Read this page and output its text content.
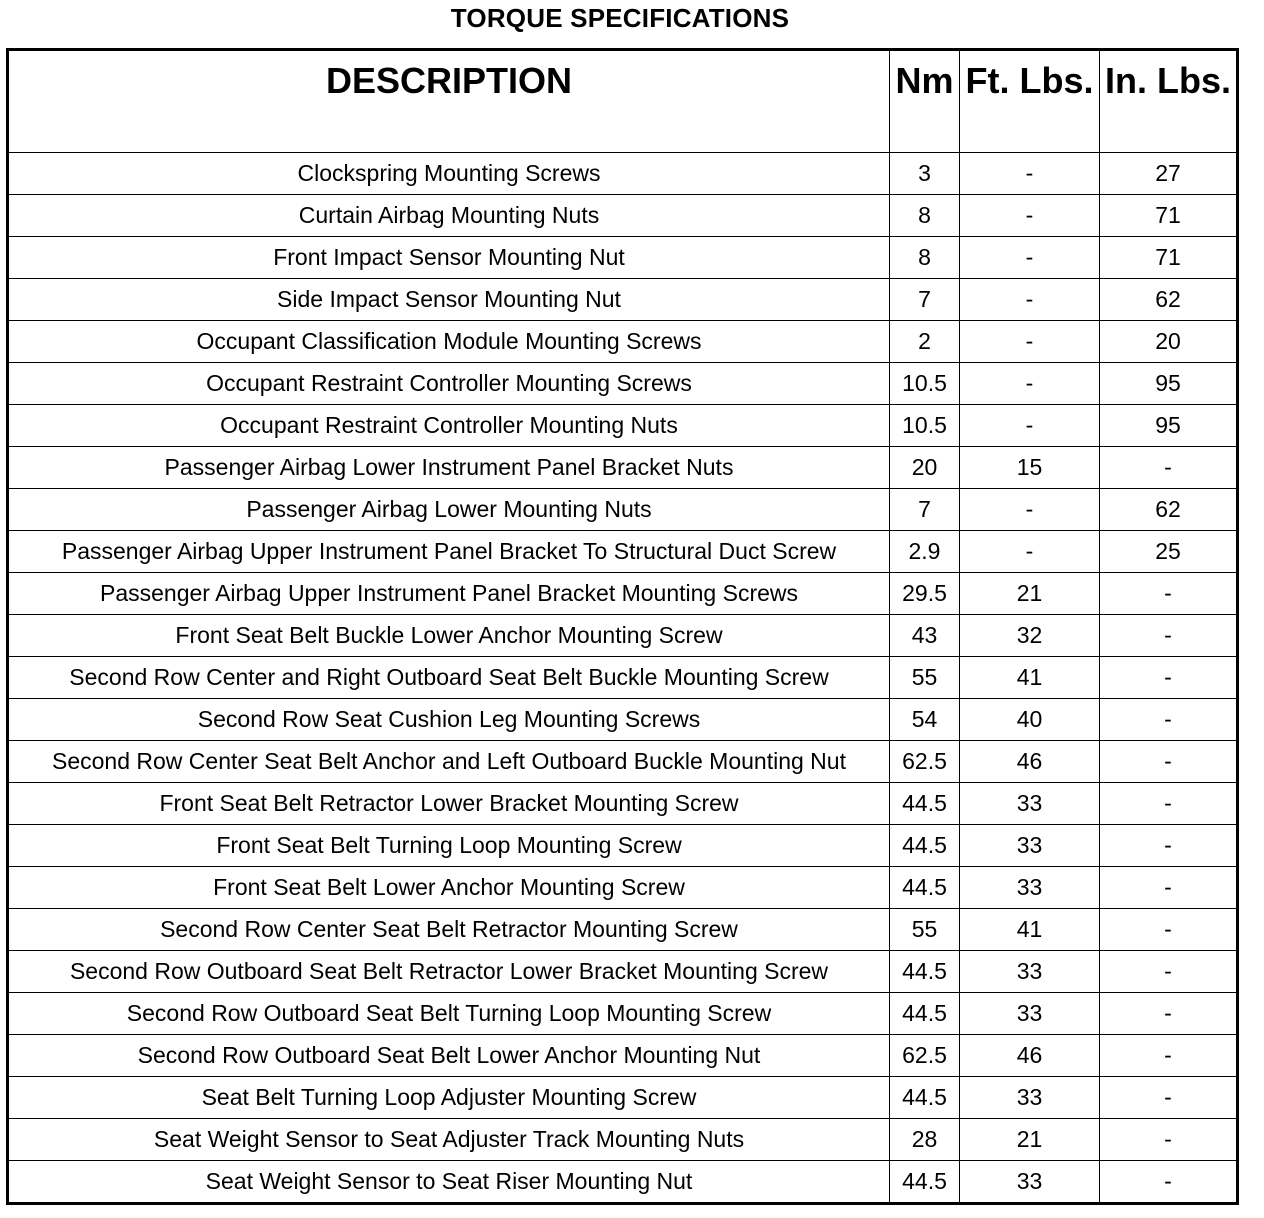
TORQUE SPECIFICATIONS
DESCRIPTION	Nm	Ft. Lbs.	In. Lbs.
Clockspring Mounting Screws	3	-	27
Curtain Airbag Mounting Nuts	8	-	71
Front Impact Sensor Mounting Nut	8	-	71
Side Impact Sensor Mounting Nut	7	-	62
Occupant Classification Module Mounting Screws	2	-	20
Occupant Restraint Controller Mounting Screws	10.5	-	95
Occupant Restraint Controller Mounting Nuts	10.5	-	95
Passenger Airbag Lower Instrument Panel Bracket Nuts	20	15	-
Passenger Airbag Lower Mounting Nuts	7	-	62
Passenger Airbag Upper Instrument Panel Bracket To Structural Duct Screw	2.9	-	25
Passenger Airbag Upper Instrument Panel Bracket Mounting Screws	29.5	21	-
Front Seat Belt Buckle Lower Anchor Mounting Screw	43	32	-
Second Row Center and Right Outboard Seat Belt Buckle Mounting Screw	55	41	-
Second Row Seat Cushion Leg Mounting Screws	54	40	-
Second Row Center Seat Belt Anchor and Left Outboard Buckle Mounting Nut	62.5	46	-
Front Seat Belt Retractor Lower Bracket Mounting Screw	44.5	33	-
Front Seat Belt Turning Loop Mounting Screw	44.5	33	-
Front Seat Belt Lower Anchor Mounting Screw	44.5	33	-
Second Row Center Seat Belt Retractor Mounting Screw	55	41	-
Second Row Outboard Seat Belt Retractor Lower Bracket Mounting Screw	44.5	33	-
Second Row Outboard Seat Belt Turning Loop Mounting Screw	44.5	33	-
Second Row Outboard Seat Belt Lower Anchor Mounting Nut	62.5	46	-
Seat Belt Turning Loop Adjuster Mounting Screw	44.5	33	-
Seat Weight Sensor to Seat Adjuster Track Mounting Nuts	28	21	-
Seat Weight Sensor to Seat Riser Mounting Nut	44.5	33	-
